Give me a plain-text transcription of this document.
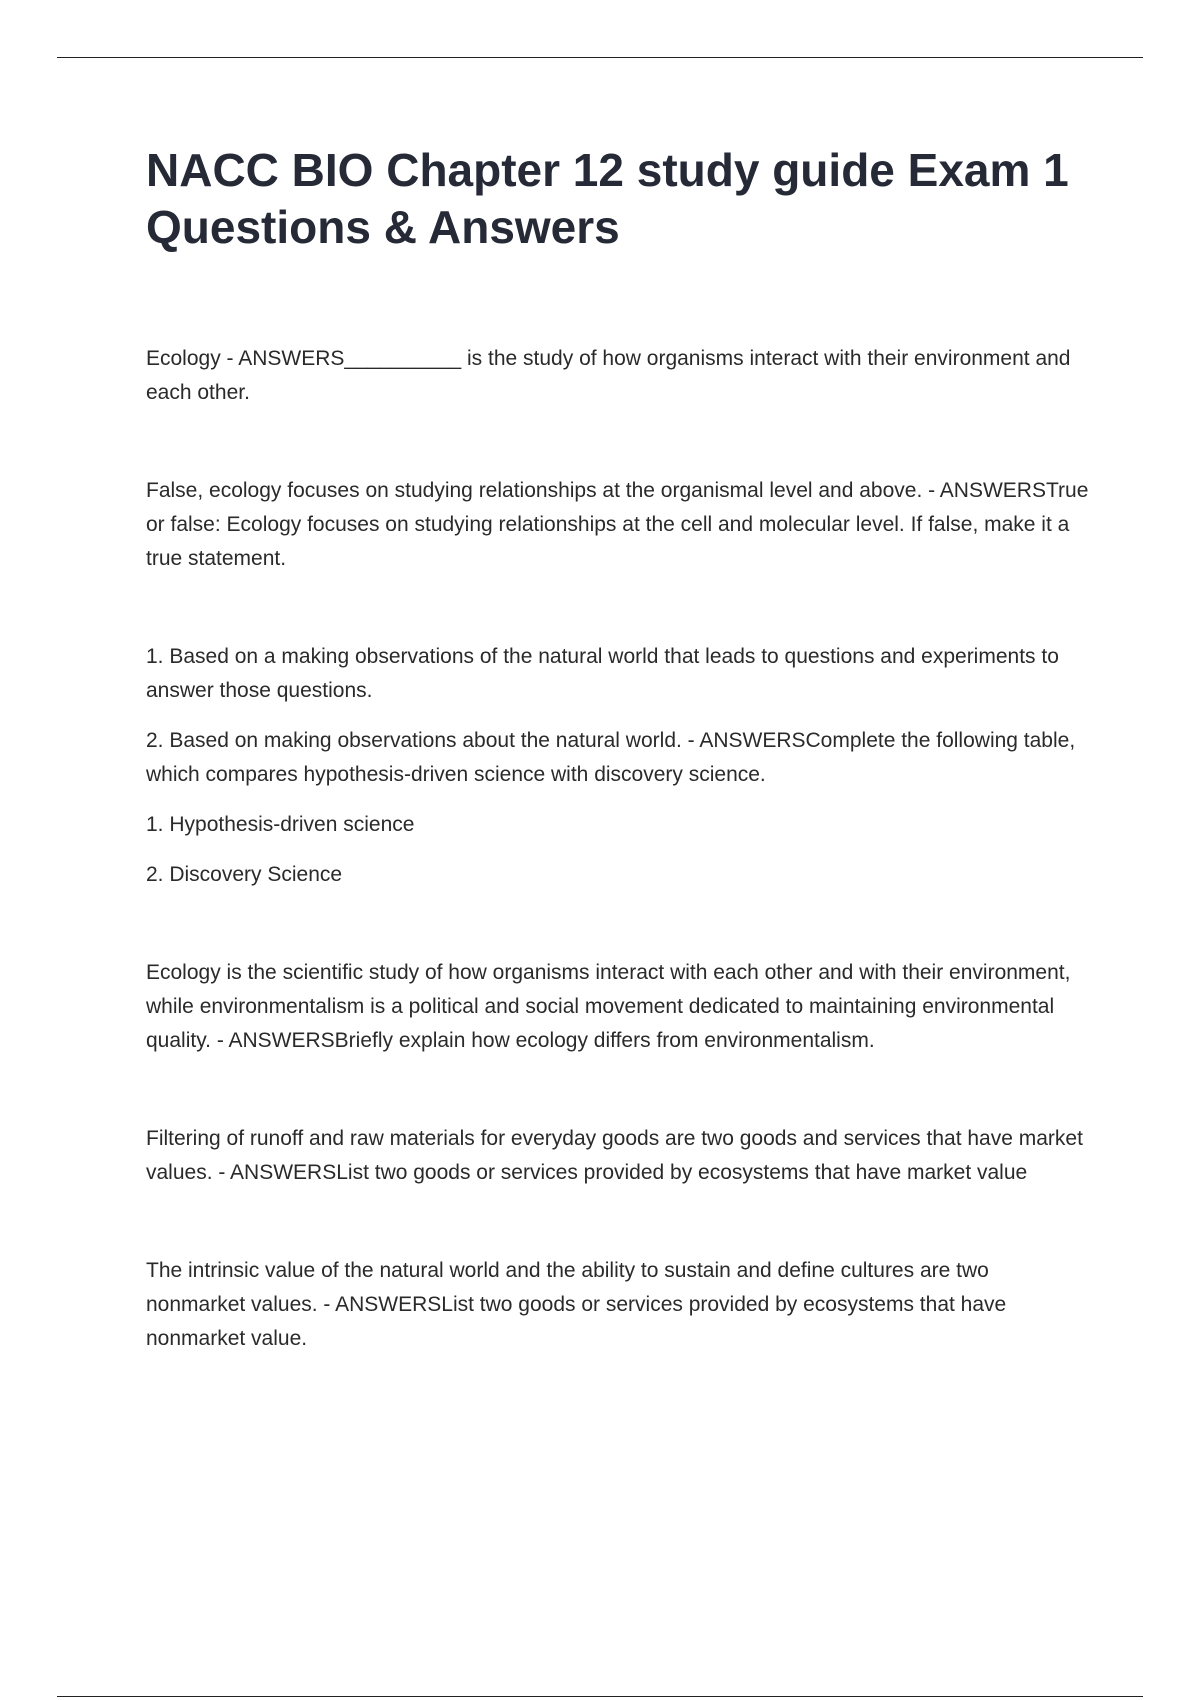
NACC BIO Chapter 12 study guide Exam 1 Questions & Answers

Ecology - ANSWERS__________ is the study of how organisms interact with their environment and each other.

False, ecology focuses on studying relationships at the organismal level and above. - ANSWERSTrue or false: Ecology focuses on studying relationships at the cell and molecular level. If false, make it a true statement.

1. Based on a making observations of the natural world that leads to questions and experiments to answer those questions.

2. Based on making observations about the natural world. - ANSWERSComplete the following table, which compares hypothesis-driven science with discovery science.

1. Hypothesis-driven science

2. Discovery Science

Ecology is the scientific study of how organisms interact with each other and with their environment, while environmentalism is a political and social movement dedicated to maintaining environmental quality. - ANSWERSBriefly explain how ecology differs from environmentalism.

Filtering of runoff and raw materials for everyday goods are two goods and services that have market values. - ANSWERSList two goods or services provided by ecosystems that have market value

The intrinsic value of the natural world and the ability to sustain and define cultures are two nonmarket values. - ANSWERSList two goods or services provided by ecosystems that have nonmarket value.
